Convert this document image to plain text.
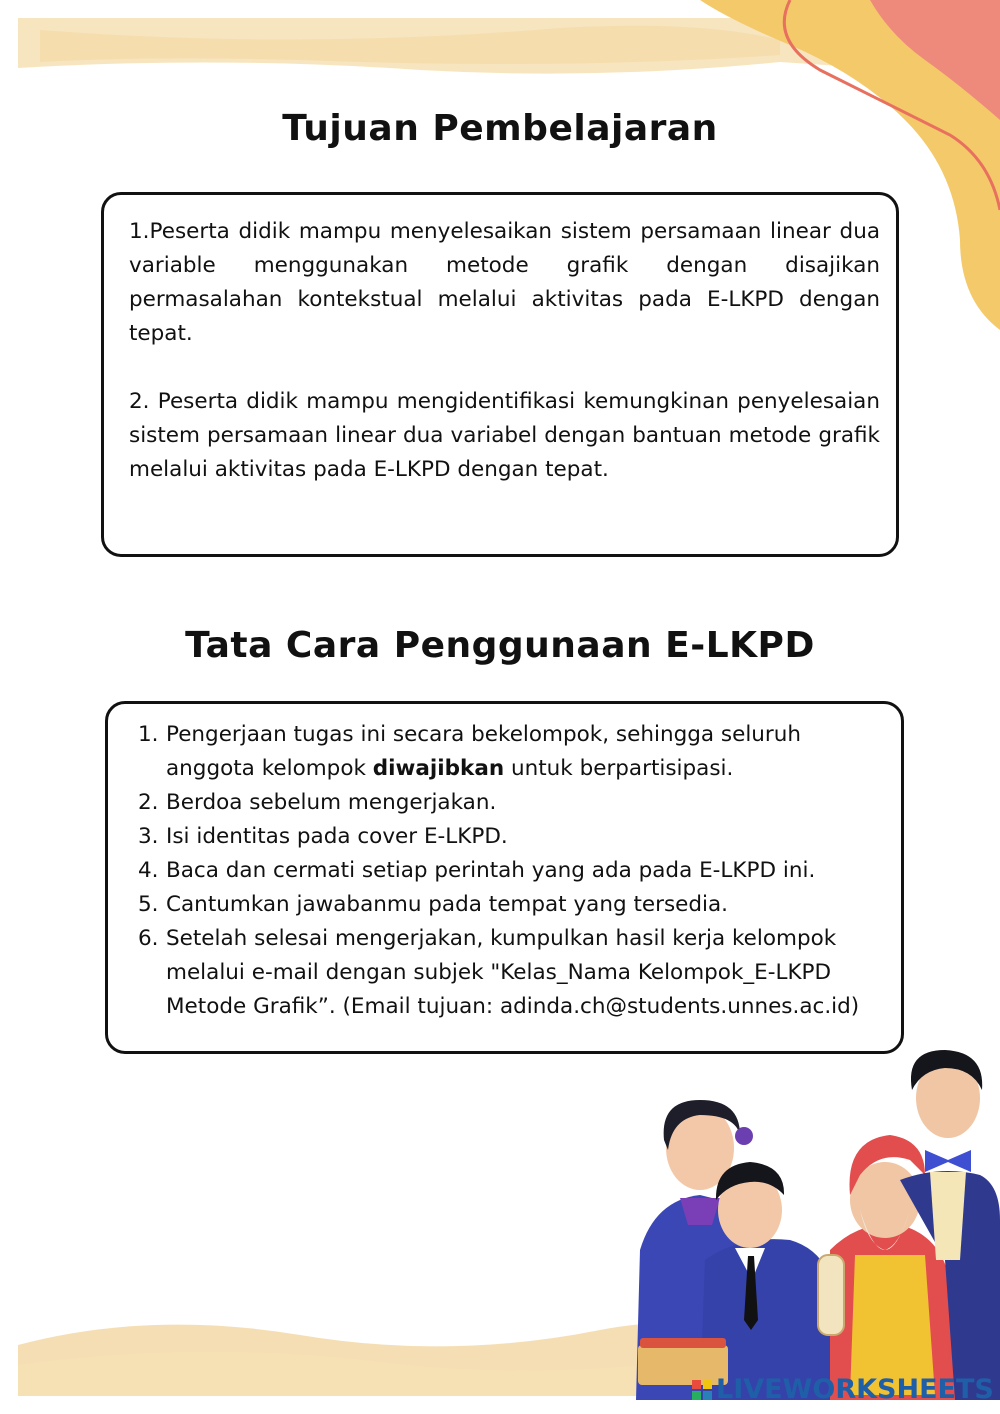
Tujuan Pembelajaran

1.Peserta didik mampu menyelesaikan sistem persamaan linear dua variable menggunakan metode grafik dengan disajikan permasalahan kontekstual melalui aktivitas pada E-LKPD dengan tepat.

2. Peserta didik mampu mengidentifikasi kemungkinan penyelesaian sistem persamaan linear dua variabel dengan bantuan metode grafik melalui aktivitas pada E-LKPD dengan tepat.

Tata Cara Penggunaan E-LKPD
1. Pengerjaan tugas ini secara bekelompok, sehingga seluruh anggota kelompok diwajibkan untuk berpartisipasi.
2. Berdoa sebelum mengerjakan.
3. Isi identitas pada cover E-LKPD.
4. Baca dan cermati setiap perintah yang ada pada E-LKPD ini.
5. Cantumkan jawabanmu pada tempat yang tersedia.
6. Setelah selesai mengerjakan, kumpulkan hasil kerja kelompok melalui e-mail dengan subjek "Kelas_Nama Kelompok_E-LKPD Metode Grafik”. (Email tujuan: adinda.ch@students.unnes.ac.id)
LIVEWORKSHEETS
